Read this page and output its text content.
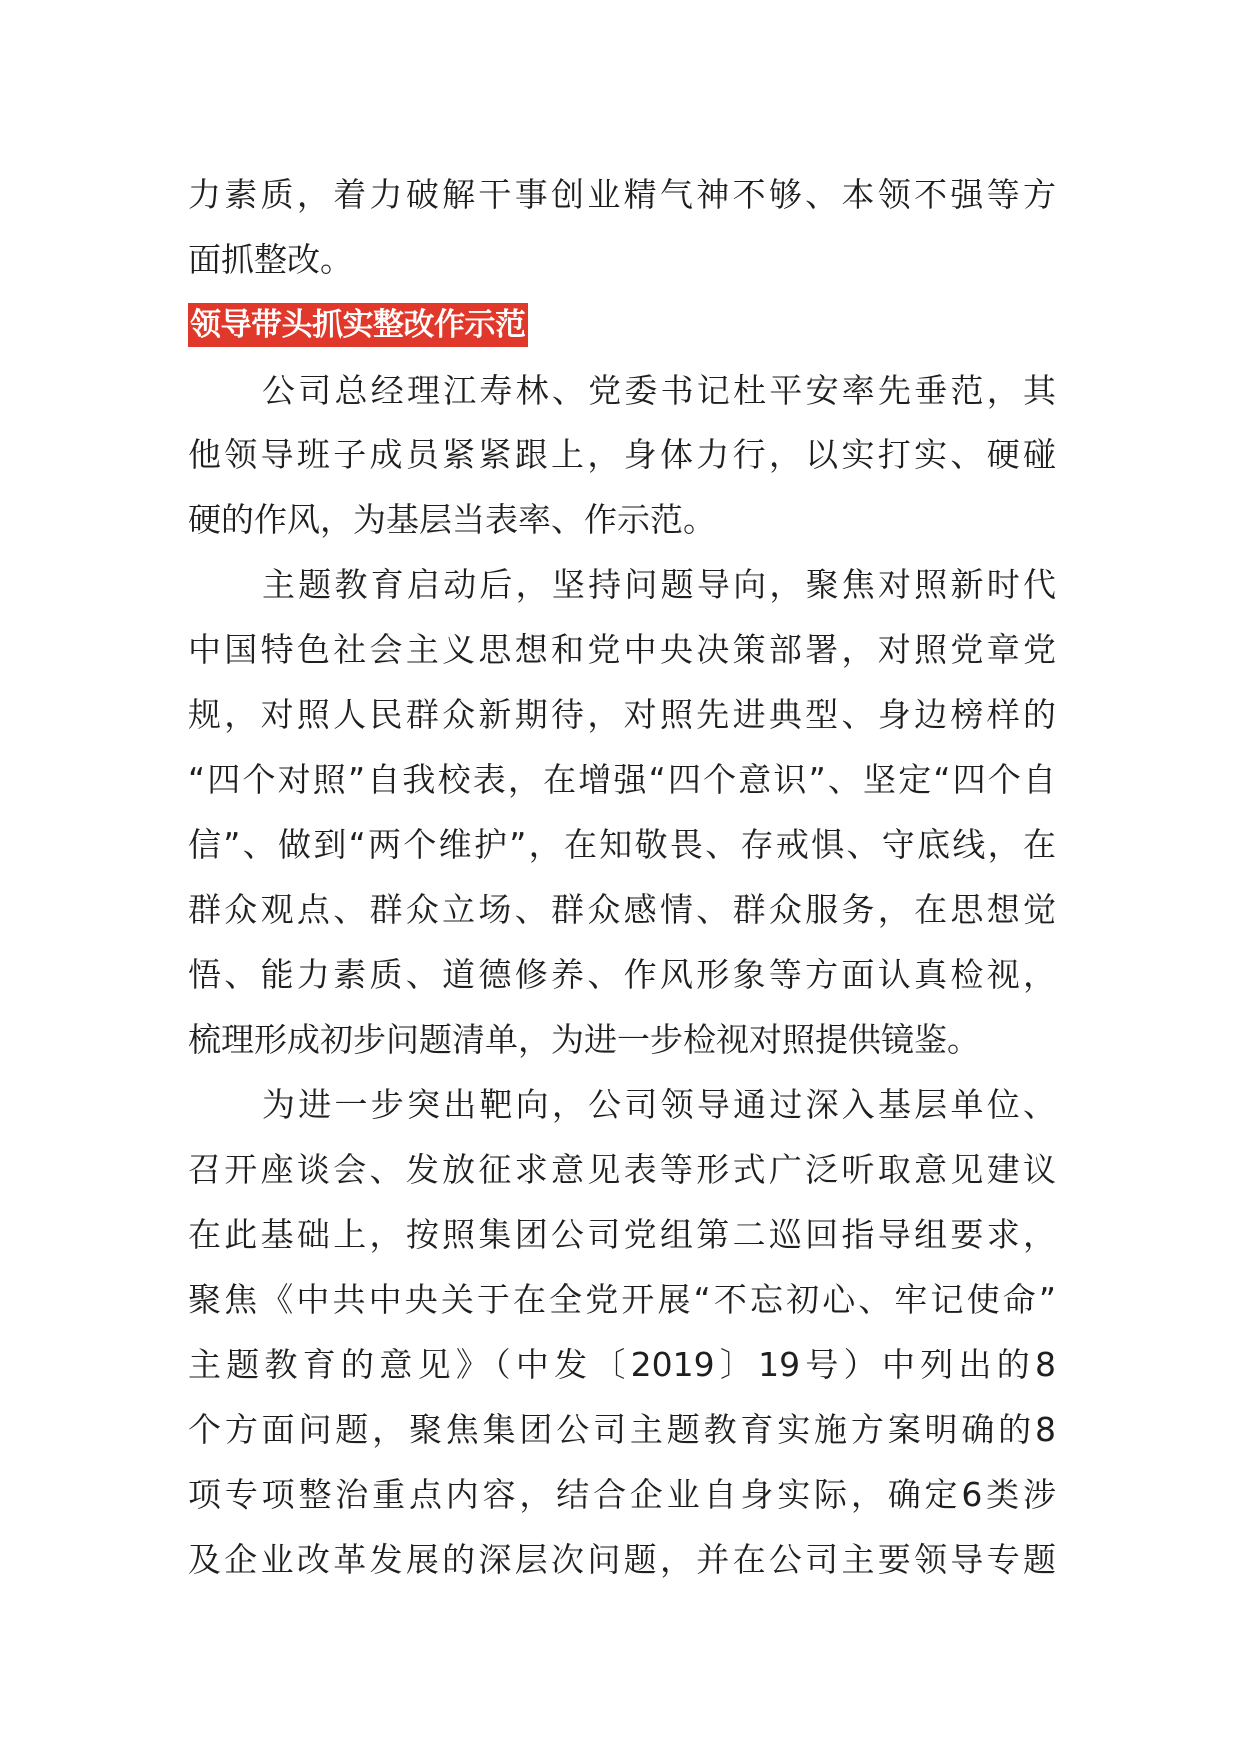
力素质，着力破解干事创业精气神不够、本领不强等方
面抓整改。
领导带头抓实整改作示范
公司总经理江寿林、党委书记杜平安率先垂范，其
他领导班子成员紧紧跟上，身体力行，以实打实、硬碰
硬的作风，为基层当表率、作示范。
主题教育启动后，坚持问题导向，聚焦对照新时代
中国特色社会主义思想和党中央决策部署，对照党章党
规，对照人民群众新期待，对照先进典型、身边榜样的
“四个对照”自我校表，在增强“四个意识”、坚定“四个自
信”、做到“两个维护”，在知敬畏、存戒惧、守底线，在
群众观点、群众立场、群众感情、群众服务，在思想觉
悟、能力素质、道德修养、作风形象等方面认真检视，
梳理形成初步问题清单，为进一步检视对照提供镜鉴。
为进一步突出靶向，公司领导通过深入基层单位、
召开座谈会、发放征求意见表等形式广泛听取意见建议
在此基础上，按照集团公司党组第二巡回指导组要求，
聚焦《中共中央关于在全党开展“不忘初心、牢记使命”
主题教育的意见》（中发〔2019〕19号）中列出的8
个方面问题，聚焦集团公司主题教育实施方案明确的8
项专项整治重点内容，结合企业自身实际，确定6类涉
及企业改革发展的深层次问题，并在公司主要领导专题
